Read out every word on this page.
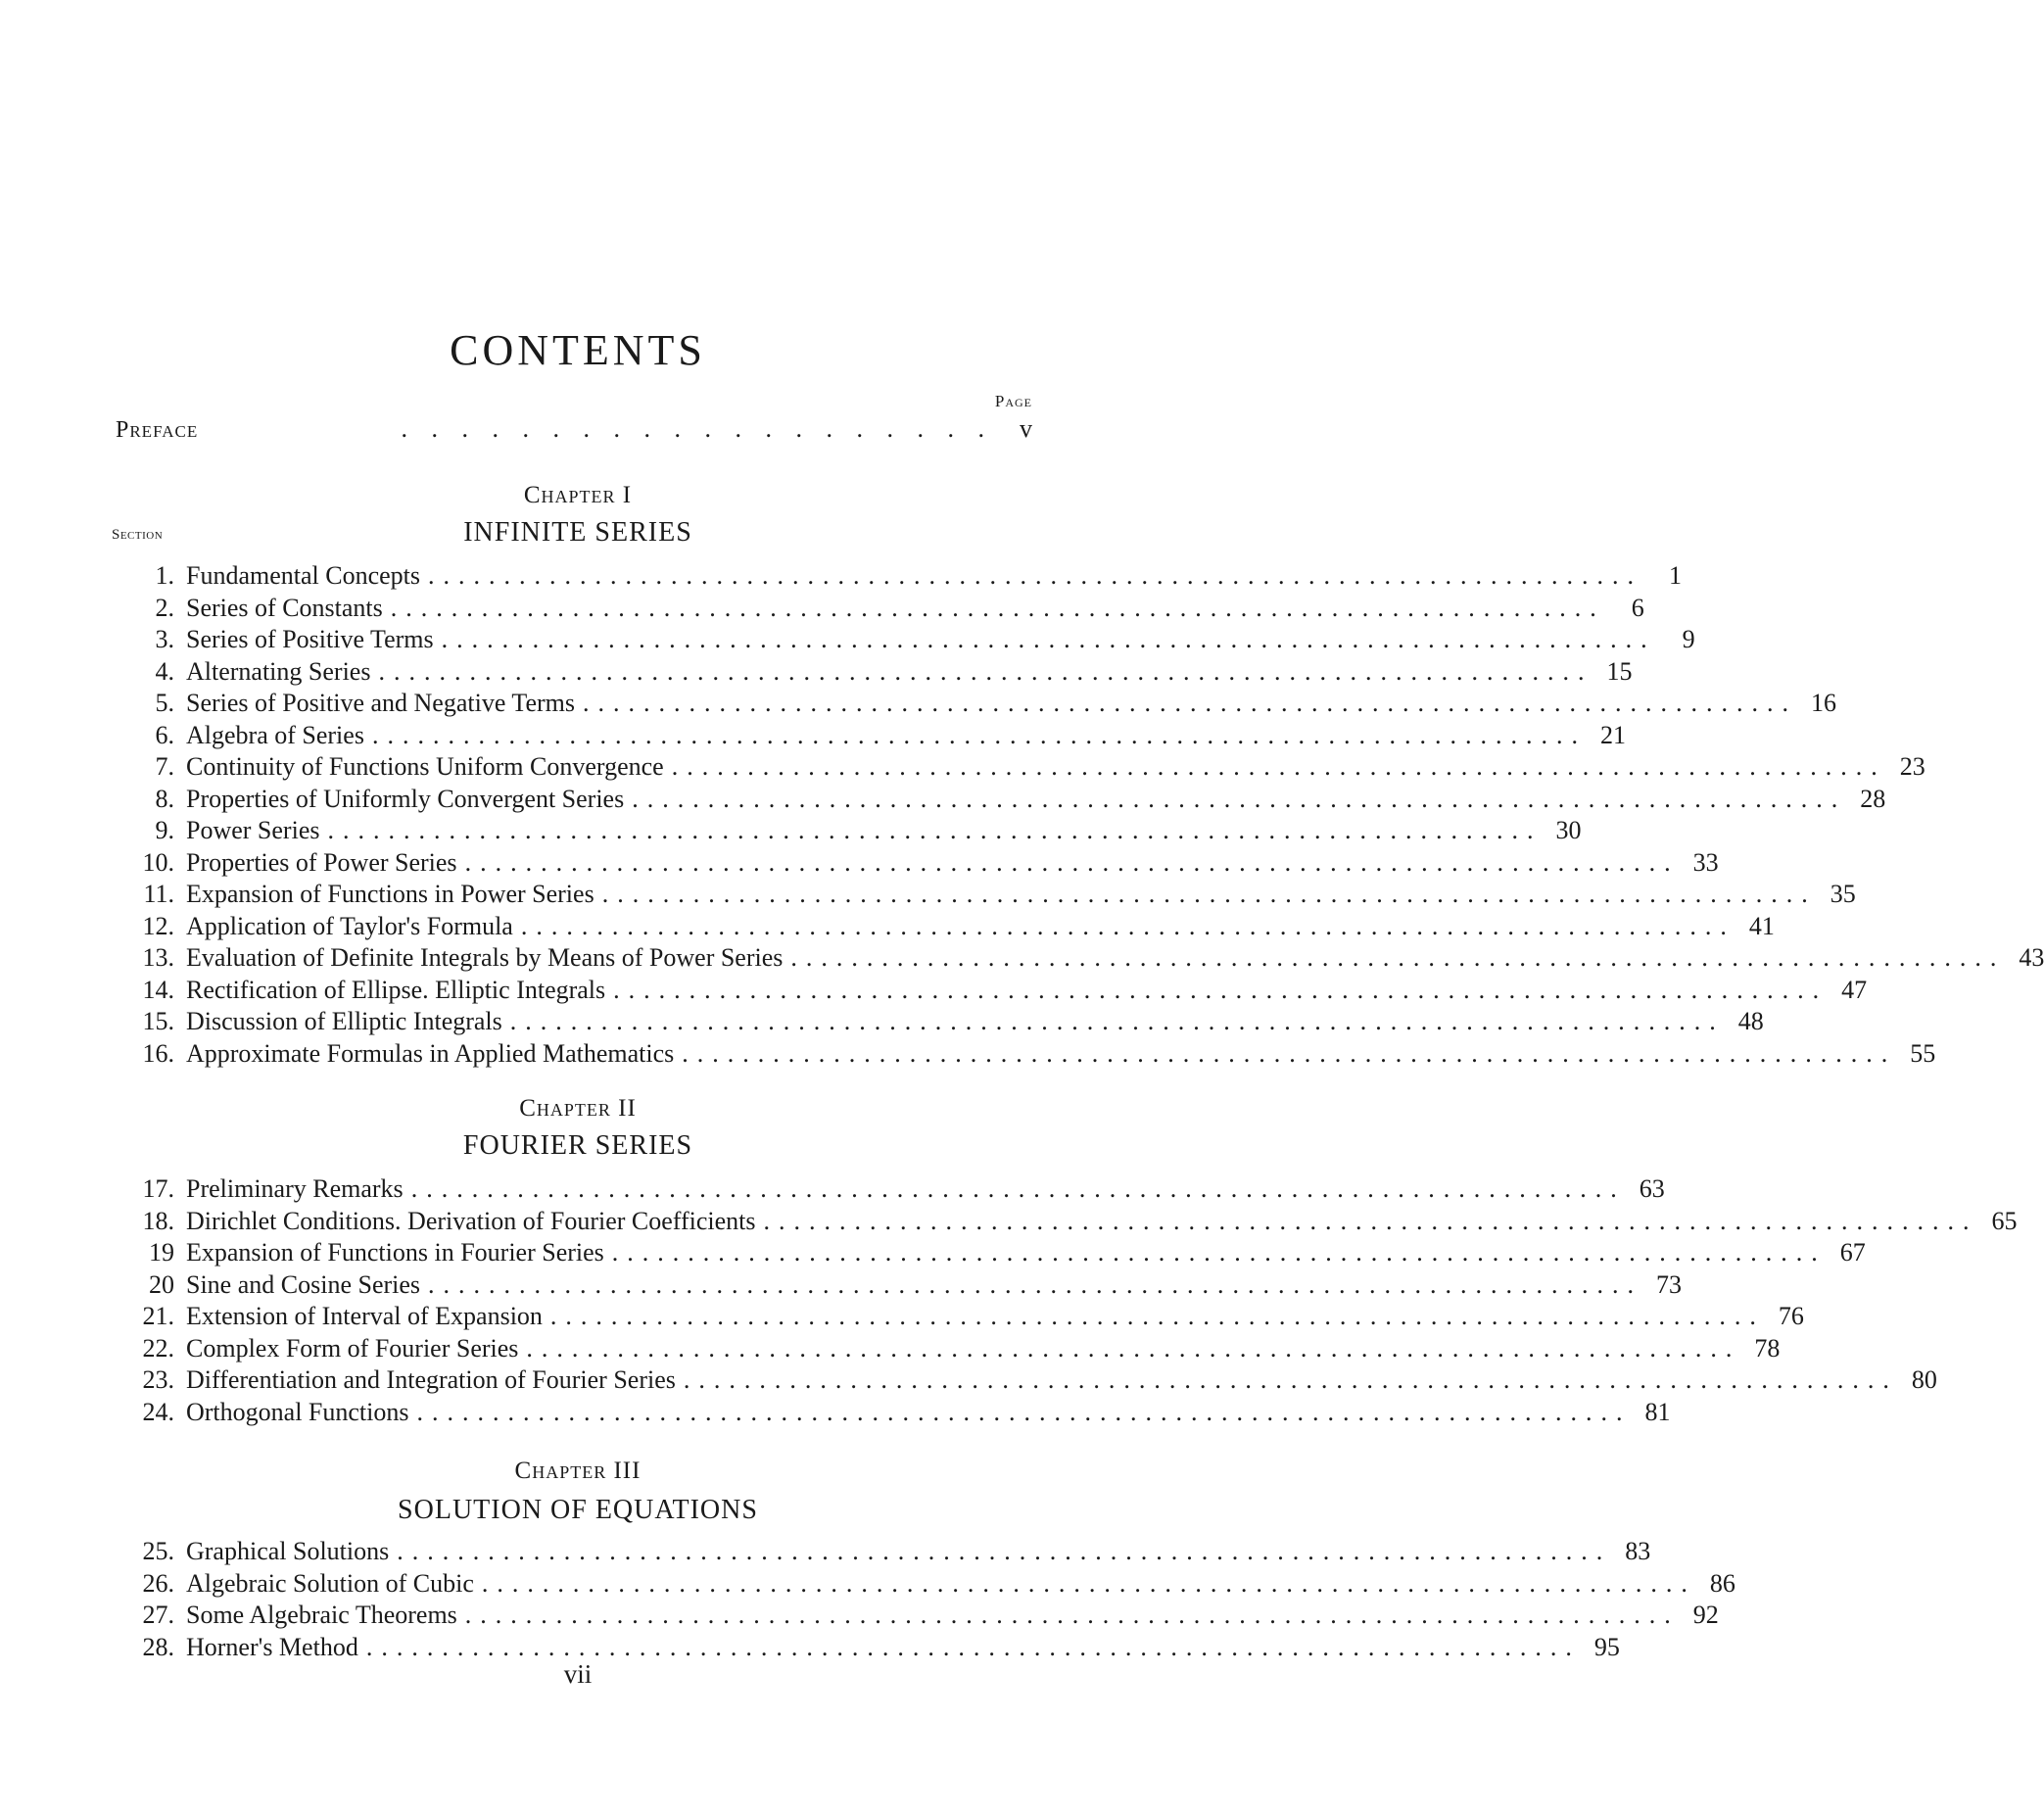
CONTENTS
Page
Preface	. . . . . . . . . . . . . . . . . . . .	v
Chapter I
Section	INFINITE SERIES
1. Fundamental Concepts ................................................................................	1
2. Series of Constants ................................................................................	6
3. Series of Positive Terms ................................................................................	9
4. Alternating Series ................................................................................ 15
5. Series of Positive and Negative Terms ................................................................................ 16
6. Algebra of Series ................................................................................ 21
7. Continuity of Functions Uniform Convergence ................................................................................ 23
8. Properties of Uniformly Convergent Series ................................................................................ 28
9. Power Series ................................................................................ 30
10. Properties of Power Series ................................................................................ 33
11. Expansion of Functions in Power Series ................................................................................ 35
12. Application of Taylor's Formula ................................................................................ 41
13. Evaluation of Definite Integrals by Means of Power Series ................................................................................ 43
14. Rectification of Ellipse. Elliptic Integrals ................................................................................ 47
15. Discussion of Elliptic Integrals ................................................................................ 48
16. Approximate Formulas in Applied Mathematics ................................................................................ 55
Chapter II
FOURIER SERIES
17. Preliminary Remarks ................................................................................ 63
18. Dirichlet Conditions. Derivation of Fourier Coefficients ................................................................................ 65
19 Expansion of Functions in Fourier Series ................................................................................ 67
20 Sine and Cosine Series ................................................................................ 73
21. Extension of Interval of Expansion ................................................................................ 76
22. Complex Form of Fourier Series ................................................................................ 78
23. Differentiation and Integration of Fourier Series ................................................................................ 80
24. Orthogonal Functions ................................................................................ 81
Chapter III
SOLUTION OF EQUATIONS
25. Graphical Solutions ................................................................................ 83
26. Algebraic Solution of Cubic ................................................................................ 86
27. Some Algebraic Theorems ................................................................................ 92
28. Horner's Method ................................................................................ 95
vii
